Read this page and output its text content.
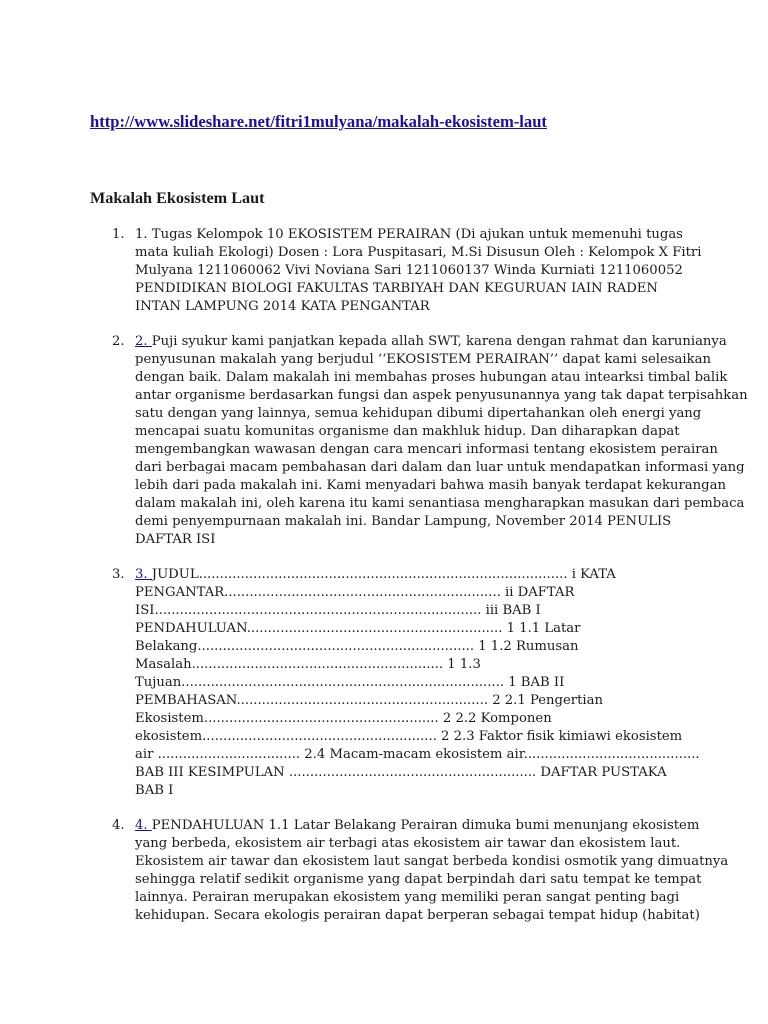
http://www.slideshare.net/fitri1mulyana/makalah-ekosistem-laut
Makalah Ekosistem Laut
1. 1. Tugas Kelompok 10 EKOSISTEM PERAIRAN (Di ajukan untuk memenuhi tugas
mata kuliah Ekologi) Dosen : Lora Puspitasari, M.Si Disusun Oleh : Kelompok X Fitri
Mulyana 1211060062 Vivi Noviana Sari 1211060137 Winda Kurniati 1211060052
PENDIDIKAN BIOLOGI FAKULTAS TARBIYAH DAN KEGURUAN IAIN RADEN
INTAN LAMPUNG 2014 KATA PENGANTAR
2. 2. Puji syukur kami panjatkan kepada allah SWT, karena dengan rahmat dan karunianya
penyusunan makalah yang berjudul ‘‘EKOSISTEM PERAIRAN’’ dapat kami selesaikan
dengan baik. Dalam makalah ini membahas proses hubungan atau intearksi timbal balik
antar organisme berdasarkan fungsi dan aspek penyusunannya yang tak dapat terpisahkan
satu dengan yang lainnya, semua kehidupan dibumi dipertahankan oleh energi yang
mencapai suatu komunitas organisme dan makhluk hidup. Dan diharapkan dapat
mengembangkan wawasan dengan cara mencari informasi tentang ekosistem perairan
dari berbagai macam pembahasan dari dalam dan luar untuk mendapatkan informasi yang
lebih dari pada makalah ini. Kami menyadari bahwa masih banyak terdapat kekurangan
dalam makalah ini, oleh karena itu kami senantiasa mengharapkan masukan dari pembaca
demi penyempurnaan makalah ini. Bandar Lampung, November 2014 PENULIS
DAFTAR ISI
3. 3. JUDUL........................................................................................ i KATA
PENGANTAR.................................................................. ii DAFTAR
ISI.............................................................................. iii BAB I
PENDAHULUAN............................................................. 1 1.1 Latar
Belakang.................................................................. 1 1.2 Rumusan
Masalah............................................................ 1 1.3
Tujuan............................................................................. 1 BAB II
PEMBAHASAN............................................................ 2 2.1 Pengertian
Ekosistem........................................................ 2 2.2 Komponen
ekosistem........................................................ 2 2.3 Faktor fisik kimiawi ekosistem
air .................................. 2.4 Macam-macam ekosistem air..........................................
BAB III KESIMPULAN ........................................................... DAFTAR PUSTAKA
BAB I
4. 4. PENDAHULUAN 1.1 Latar Belakang Perairan dimuka bumi menunjang ekosistem
yang berbeda, ekosistem air terbagi atas ekosistem air tawar dan ekosistem laut.
Ekosistem air tawar dan ekosistem laut sangat berbeda kondisi osmotik yang dimuatnya
sehingga relatif sedikit organisme yang dapat berpindah dari satu tempat ke tempat
lainnya. Perairan merupakan ekosistem yang memiliki peran sangat penting bagi
kehidupan. Secara ekologis perairan dapat berperan sebagai tempat hidup (habitat)
